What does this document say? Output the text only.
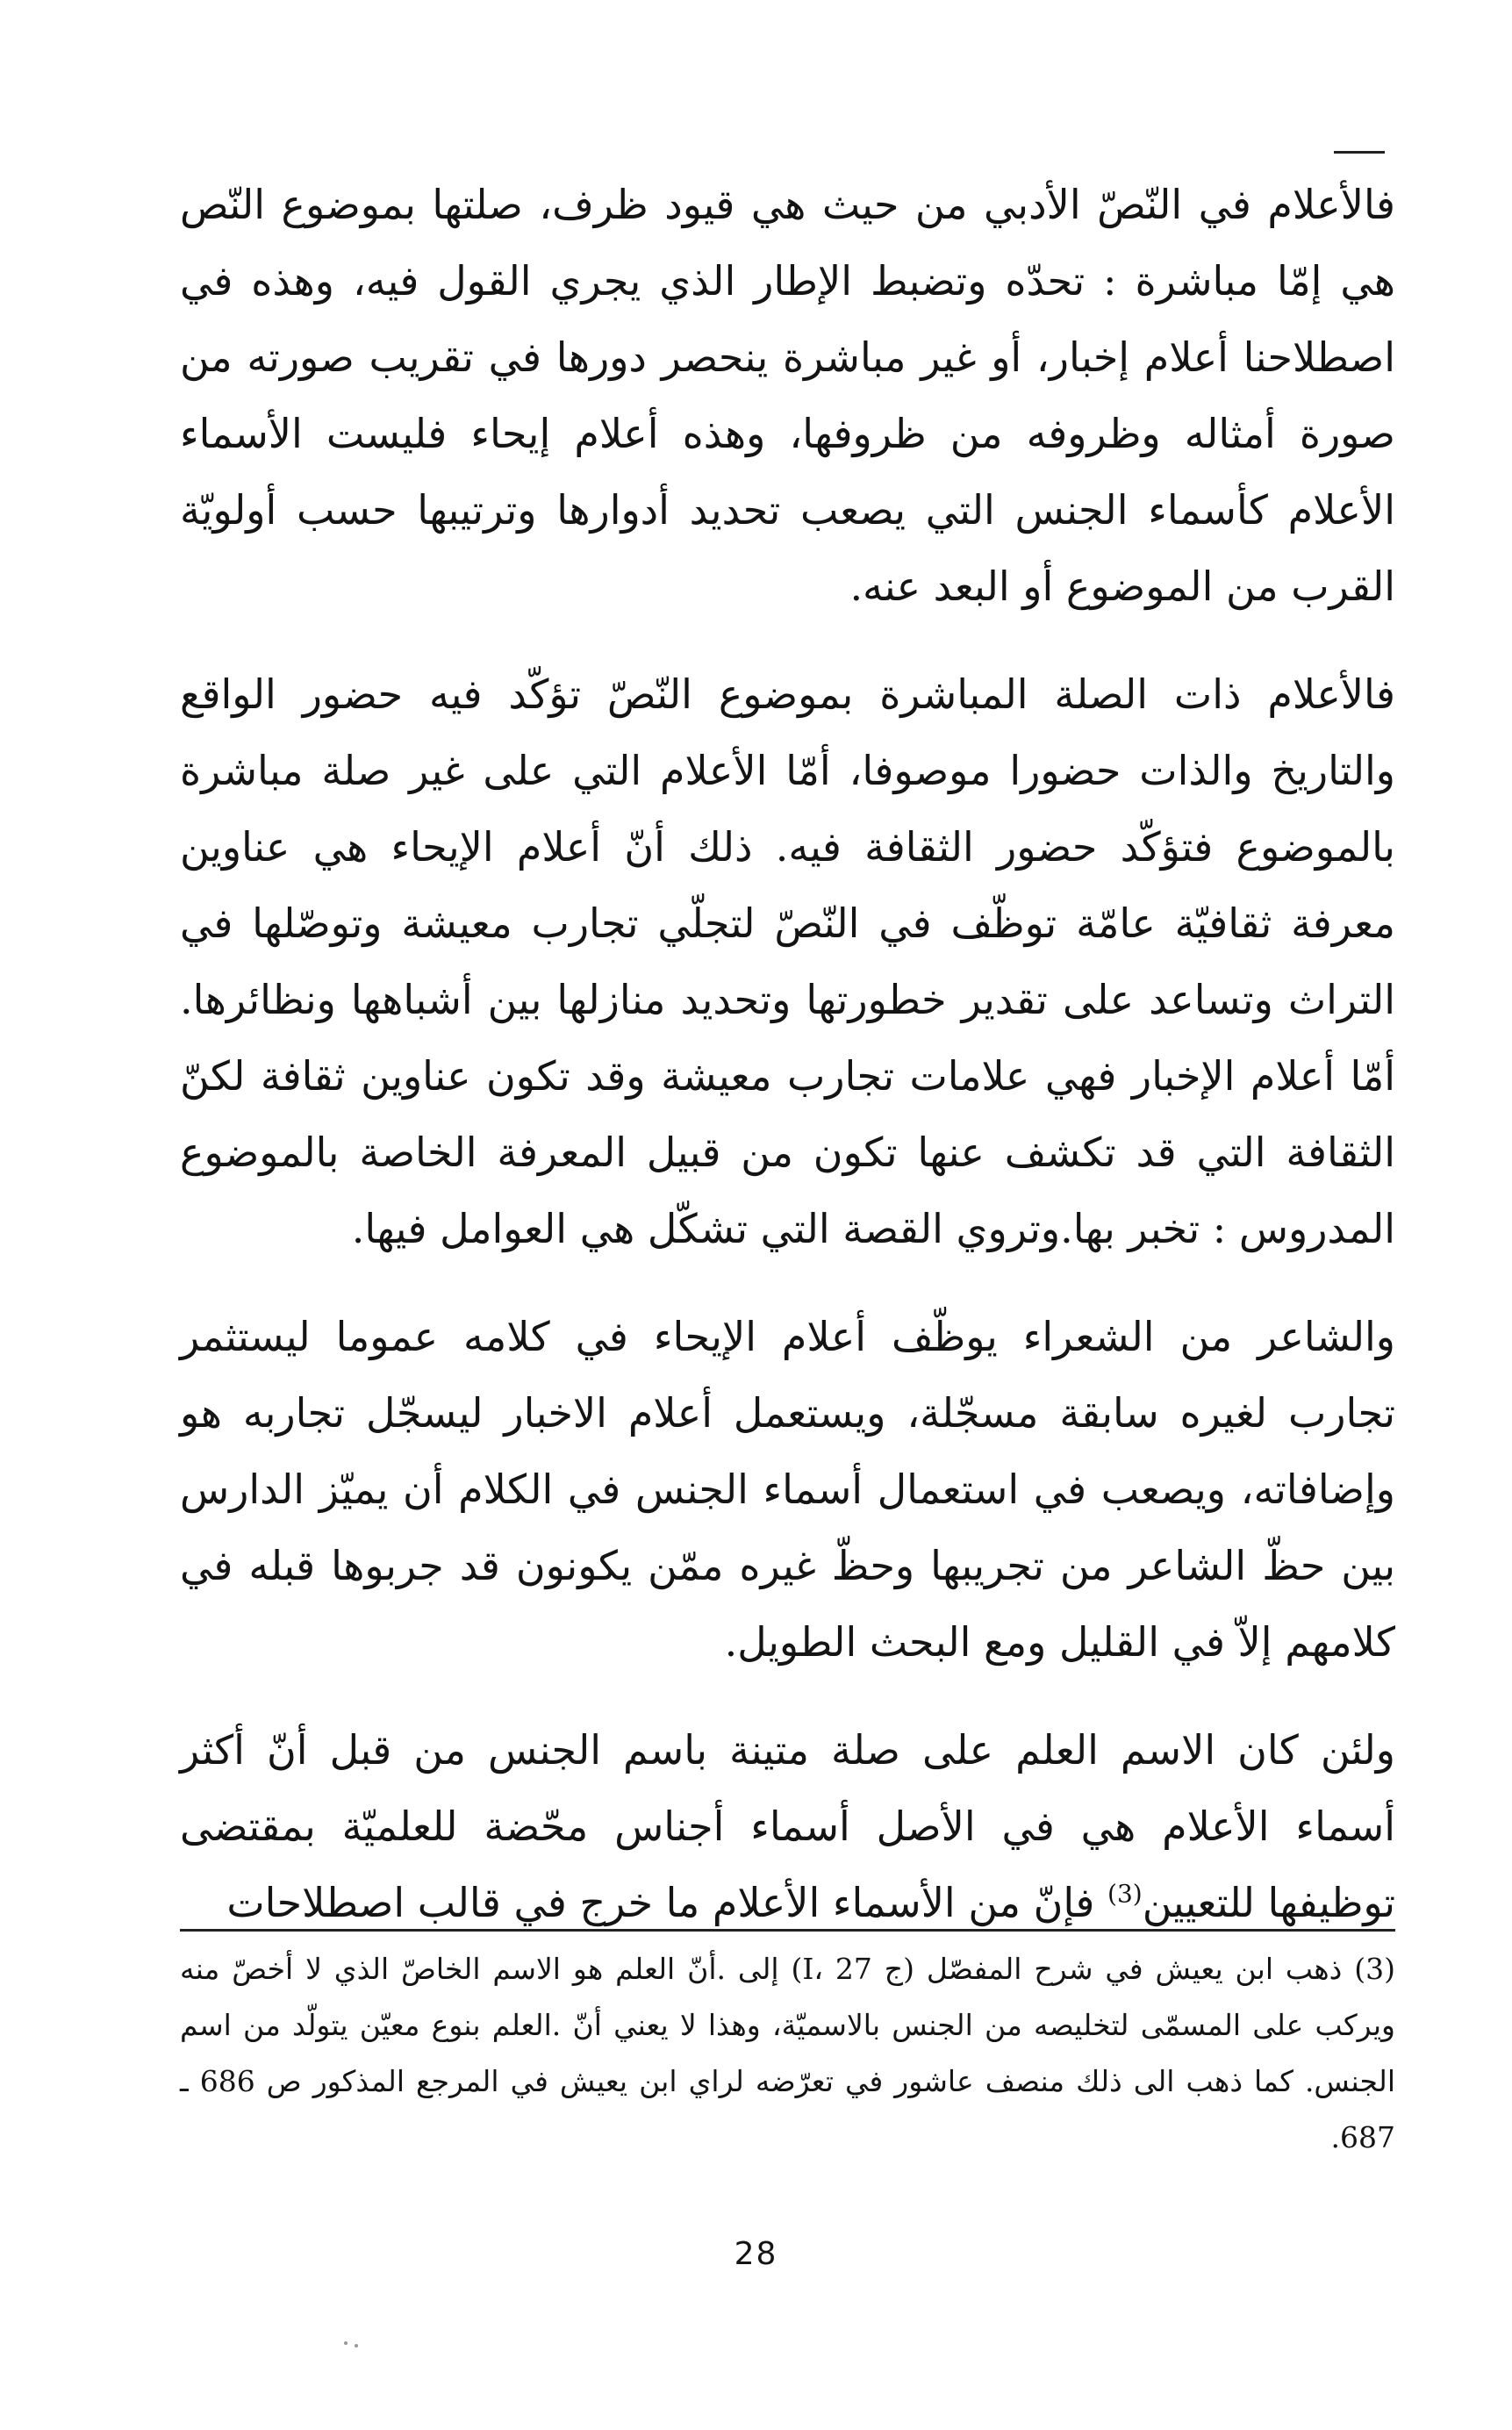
فالأعلام في النّصّ الأدبي من حيث هي قيود ظرف، صلتها بموضوع النّص هي إمّا مباشرة : تحدّه وتضبط الإطار الذي يجري القول فيه، وهذه في اصطلاحنا أعلام إخبار، أو غير مباشرة ينحصر دورها في تقريب صورته من صورة أمثاله وظروفه من ظروفها، وهذه أعلام إيحاء فليست الأسماء الأعلام كأسماء الجنس التي يصعب تحديد أدوارها وترتيبها حسب أولويّة القرب من الموضوع أو البعد عنه.

فالأعلام ذات الصلة المباشرة بموضوع النّصّ تؤكّد فيه حضور الواقع والتاريخ والذات حضورا موصوفا، أمّا الأعلام التي على غير صلة مباشرة بالموضوع فتؤكّد حضور الثقافة فيه. ذلك أنّ أعلام الإيحاء هي عناوين معرفة ثقافيّة عامّة توظّف في النّصّ لتجلّي تجارب معيشة وتوصّلها في التراث وتساعد على تقدير خطورتها وتحديد منازلها بين أشباهها ونظائرها. أمّا أعلام الإخبار فهي علامات تجارب معيشة وقد تكون عناوين ثقافة لكنّ الثقافة التي قد تكشف عنها تكون من قبيل المعرفة الخاصة بالموضوع المدروس : تخبر بها.وتروي القصة التي تشكّل هي العوامل فيها.

والشاعر من الشعراء يوظّف أعلام الإيحاء في كلامه عموما ليستثمر تجارب لغيره سابقة مسجّلة، ويستعمل أعلام الاخبار ليسجّل تجاربه هو وإضافاته، ويصعب في استعمال أسماء الجنس في الكلام أن يميّز الدارس بين حظّ الشاعر من تجريبها وحظّ غيره ممّن يكونون قد جربوها قبله في كلامهم إلاّ في القليل ومع البحث الطويل.

ولئن كان الاسم العلم على صلة متينة باسم الجنس من قبل أنّ أكثر أسماء الأعلام هي في الأصل أسماء أجناس محّضة للعلميّة بمقتضى توظيفها للتعيين$^{(3)}$ فإنّ من الأسماء الأعلام ما خرج في قالب اصطلاحات

(3) ذهب ابن يعيش في شرح المفصّل (ج I، 27) إلى .أنّ العلم هو الاسم الخاصّ الذي لا أخصّ منه ويركب على المسمّى لتخليصه من الجنس بالاسميّة، وهذا لا يعني أنّ .العلم بنوع معيّن يتولّد من اسم الجنس. كما ذهب الى ذلك منصف عاشور في تعرّضه لراي ابن يعيش في المرجع المذكور ص 686 ـ 687.
28
